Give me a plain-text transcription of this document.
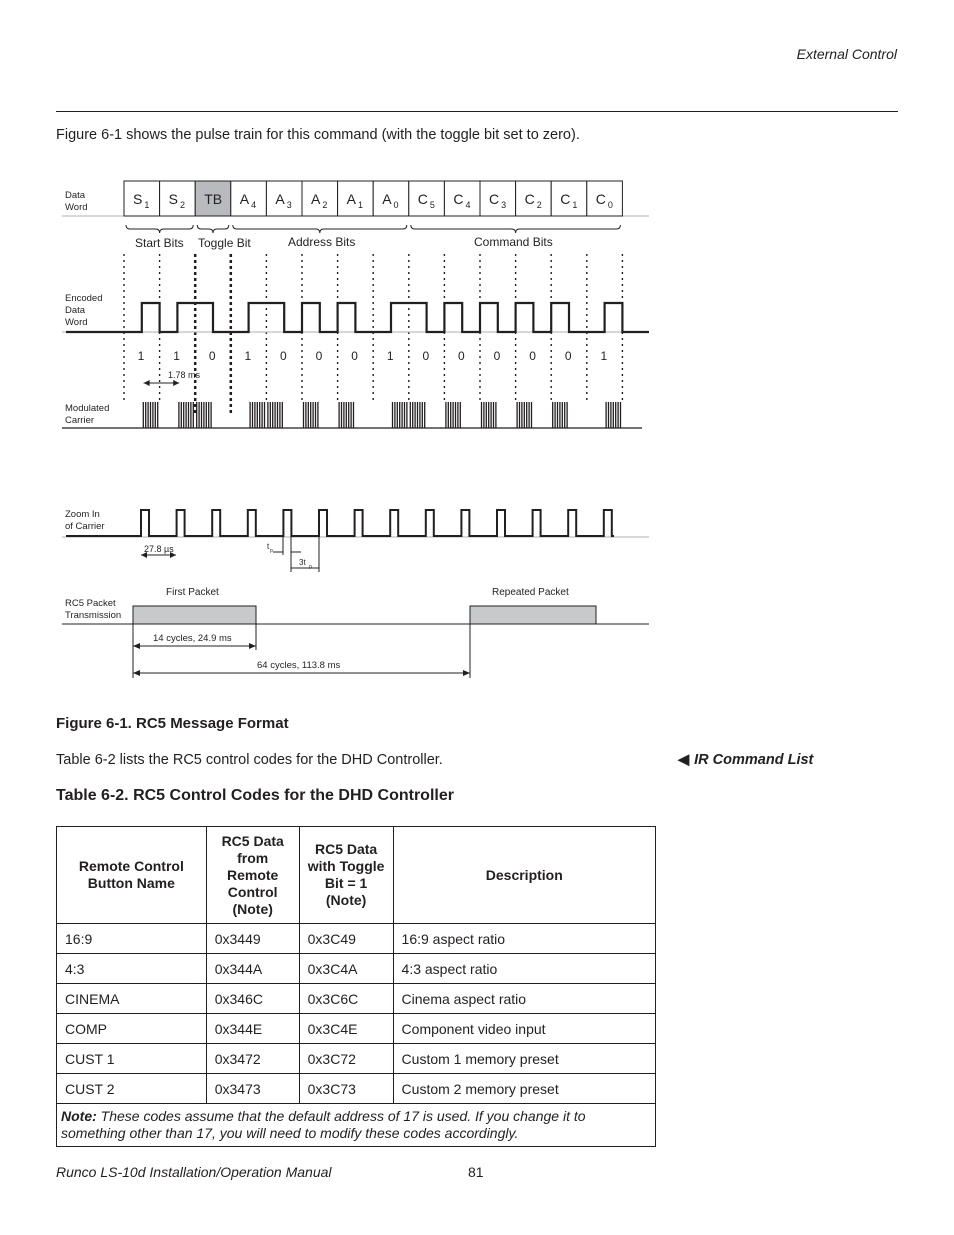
External Control
Figure 6-1 shows the pulse train for this command (with the toggle bit set to zero).
S $_1$ S $_2$ TB A $_4$ A $_3$ A $_2$ A $_1$ A $_0$ C $_5$ C $_4$ C $_3$ C $_2$ C $_1$ C $_0$
Data
Word
Start Bits Toggle Bit	Address Bits	Command Bits
Encoded
Data
Word
1 1 0 1 0 0 0 1 0 0 0 0 0 1
1.78 ms
Modulated
Carrier
Zoom In
of Carrier
27.8 µs	t p
3t p
RC5 Packet
Transmission
First Packet	Repeated Packet
14 cycles, 24.9 ms
64 cycles, 113.8 ms
Figure 6-1. RC5 Message Format
Table 6-2 lists the RC5 control codes for the DHD Controller.	◀ IR Command List
Table 6-2. RC5 Control Codes for the DHD Controller
Remote Control
Button Name	RC5 Data
from
Remote
Control
(Note)	RC5 Data
with Toggle
Bit = 1
(Note)	Description
16:9	0x3449	0x3C49	16:9 aspect ratio
4:3	0x344A	0x3C4A	4:3 aspect ratio
CINEMA	0x346C	0x3C6C	Cinema aspect ratio
COMP	0x344E	0x3C4E	Component video input
CUST 1	0x3472	0x3C72	Custom 1 memory preset
CUST 2	0x3473	0x3C73	Custom 2 memory preset
Note: These codes assume that the default address of 17 is used. If you change it to something other than 17, you will need to modify these codes accordingly.			
Runco LS-10d Installation/Operation Manual	81
